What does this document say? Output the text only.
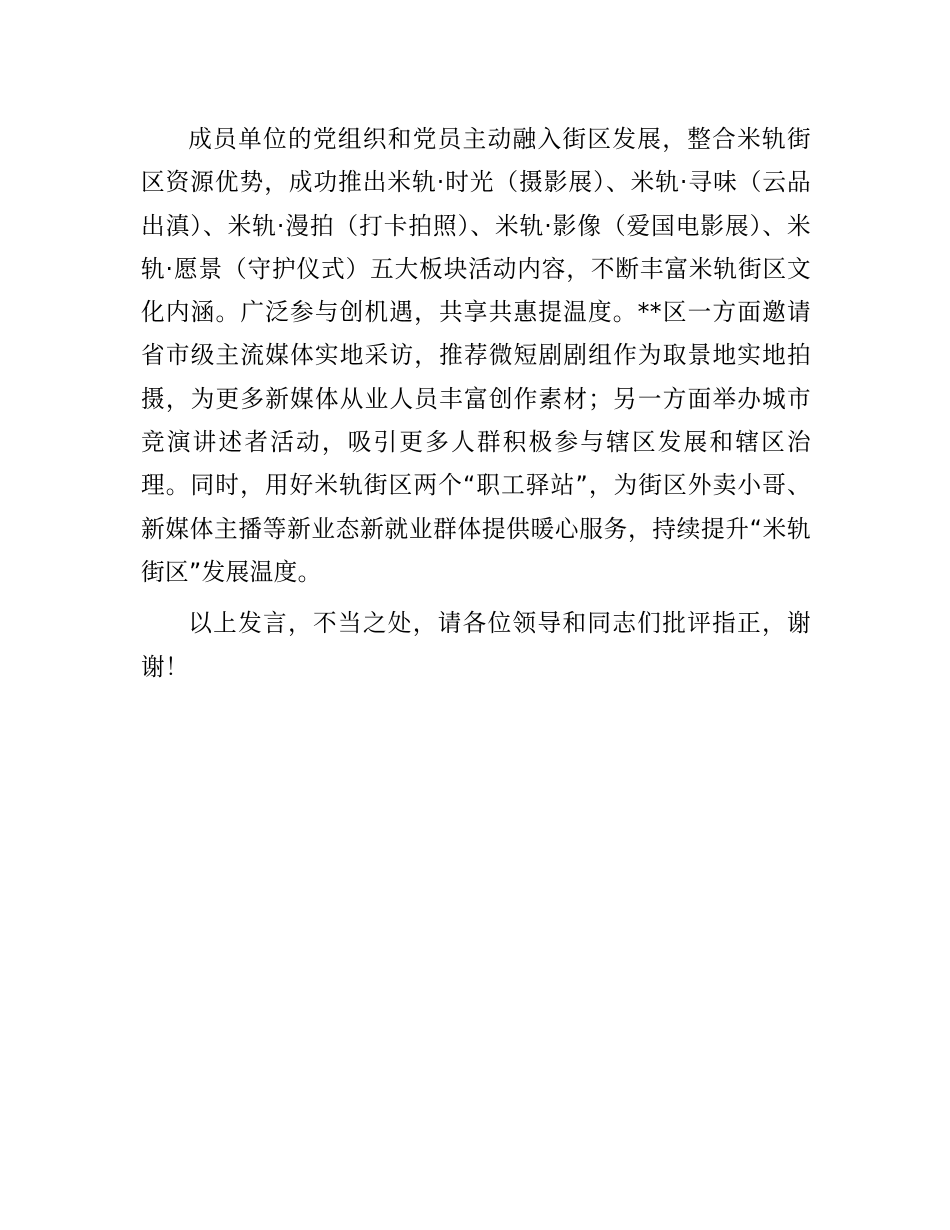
成员单位的党组织和党员主动融入街区发展，整合米轨街区资源优势，成功推出米轨·时光（摄影展）、米轨·寻味（云品出滇）、米轨·漫拍（打卡拍照）、米轨·影像（爱国电影展）、米轨·愿景（守护仪式）五大板块活动内容，不断丰富米轨街区文化内涵。广泛参与创机遇，共享共惠提温度。**区一方面邀请省市级主流媒体实地采访，推荐微短剧剧组作为取景地实地拍摄，为更多新媒体从业人员丰富创作素材；另一方面举办城市竞演讲述者活动，吸引更多人群积极参与辖区发展和辖区治理。同时，用好米轨街区两个“职工驿站”，为街区外卖小哥、新媒体主播等新业态新就业群体提供暖心服务，持续提升“米轨街区”发展温度。

以上发言，不当之处，请各位领导和同志们批评指正，谢谢！
